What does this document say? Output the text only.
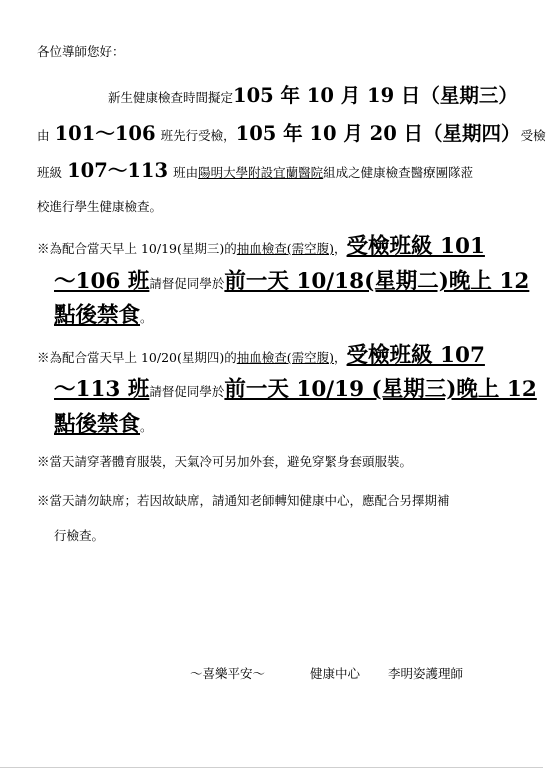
各位導師您好：
新生健康檢查時間擬定105 年 10 月 19 日（星期三）
由 101～106 班先行受檢，105 年 10 月 20 日（星期四）受檢
班級 107～113 班由陽明大學附設宜蘭醫院組成之健康檢查醫療團隊蒞
校進行學生健康檢查。
※為配合當天早上 10/19(星期三)的抽血檢查(需空腹)，受檢班級 101
～106 班請督促同學於前一天 10/18(星期二)晚上 12
點後禁食。
※為配合當天早上 10/20(星期四)的抽血檢查(需空腹)，受檢班級 107
～113 班請督促同學於前一天 10/19 (星期三)晚上 12
點後禁食。
※當天請穿著體育服裝，天氣冷可另加外套，避免穿緊身套頭服裝。
※當天請勿缺席；若因故缺席，請通知老師轉知健康中心，應配合另擇期補
行檢查。
～喜樂平安～	健康中心 李明姿護理師
